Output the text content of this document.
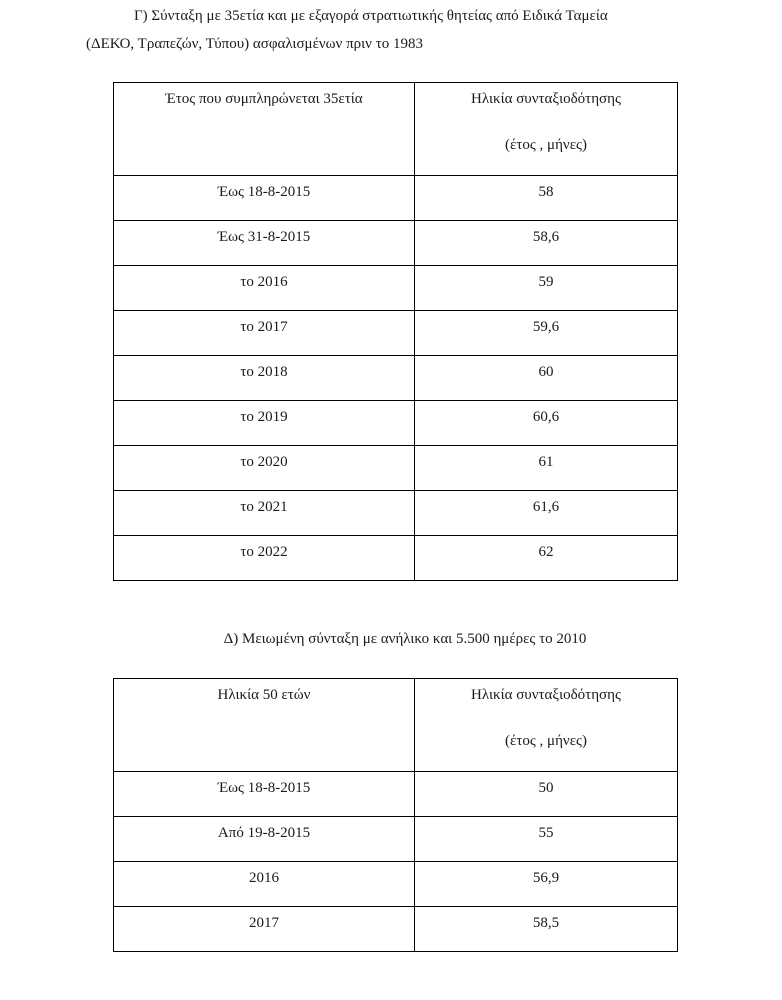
Γ) Σύνταξη με 35ετία και με εξαγορά στρατιωτικής θητείας από Ειδικά Ταμεία
(ΔΕΚΟ, Τραπεζών, Τύπου) ασφαλισμένων πριν το 1983

Έτος που συμπληρώνεται 35ετία	Ηλικία συνταξιοδότησης
(έτος , μήνες)

Έως 18-8-2015	58
Έως 31-8-2015	58,6
το 2016	59
το 2017	59,6
το 2018	60
το 2019	60,6
το 2020	61
το 2021	61,6
το 2022	62

Δ) Μειωμένη σύνταξη με ανήλικο και 5.500 ημέρες το 2010

Ηλικία 50 ετών	Ηλικία συνταξιοδότησης
(έτος , μήνες)

Έως 18-8-2015	50
Από 19-8-2015	55
2016	56,9
2017	58,5
